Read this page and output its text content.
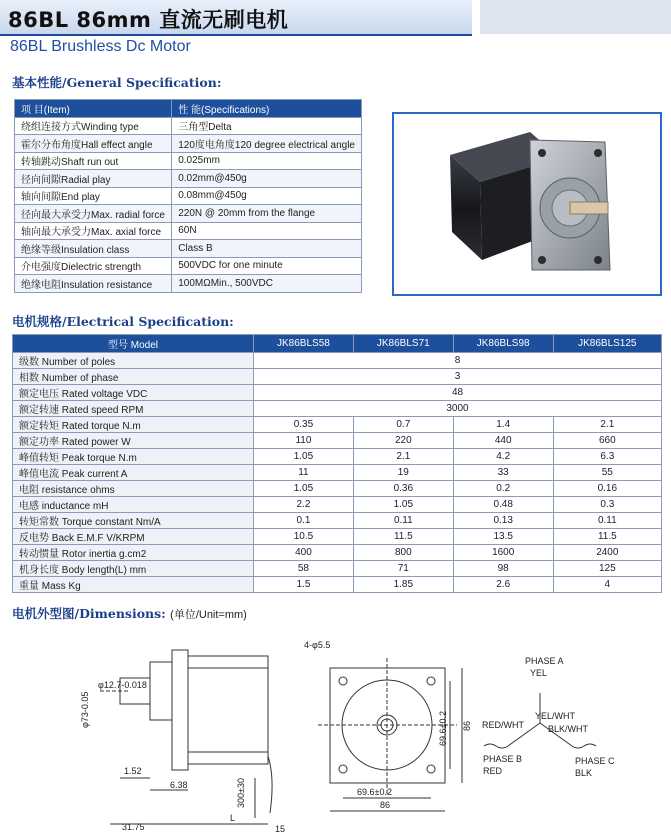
86BL 86mm 直流无刷电机
86BL Brushless Dc Motor
基本性能/General Specification:
项 目(Item)	性 能(Specifications)
绕组连接方式Winding type	三角型Delta
霍尔分布角度Hall effect angle	120度电角度120 degree electrical angle
转轴跳动Shaft run out	0.025mm
径向间隙Radial play	0.02mm@450g
轴向间隙End play	0.08mm@450g
径向最大承受力Max. radial force	220N @ 20mm from the flange
轴向最大承受力Max. axial force	60N
绝缘等级Insulation class	Class B
介电强度Dielectric strength	500VDC for one minute
绝缘电阻Insulation resistance	100MΩMin., 500VDC
电机规格/Electrical Specification:
型号 Model	JK86BLS58	JK86BLS71	JK86BLS98	JK86BLS125
级数 Number of poles	8			
相数 Number of phase	3			
额定电压 Rated voltage VDC	48			
额定转速 Rated speed RPM	3000			
额定转矩 Rated torque N.m	0.35	0.7	1.4	2.1
额定功率 Rated power W	110	220	440	660
峰值转矩 Peak torque N.m	1.05	2.1	4.2	6.3
峰值电流 Peak current A	11	19	33	55
电阻 resistance ohms	1.05	0.36	0.2	0.16
电感 inductance mH	2.2	1.05	0.48	0.3
转矩常数 Torque constant Nm/A	0.1	0.11	0.13	0.11
反电势 Back E.M.F V/KRPM	10.5	11.5	13.5	11.5
转动惯量 Rotor inertia g.cm2	400	800	1600	2400
机身长度 Body length(L) mm	58	71	98	125
重量 Mass Kg	1.5	1.85	2.6	4
电机外型图/Dimensions: (单位/Unit=mm)
φ12.7-0.018
φ73-0.05
1.52
6.38
31.75
300±30
L
15
4-φ5.5
69.6±0.2 86
69.6±0.2
86
PHASE A
YEL
YEL/WHT
RED/WHT	BLK/WHT
PHASE B
RED
PHASE C
BLK
